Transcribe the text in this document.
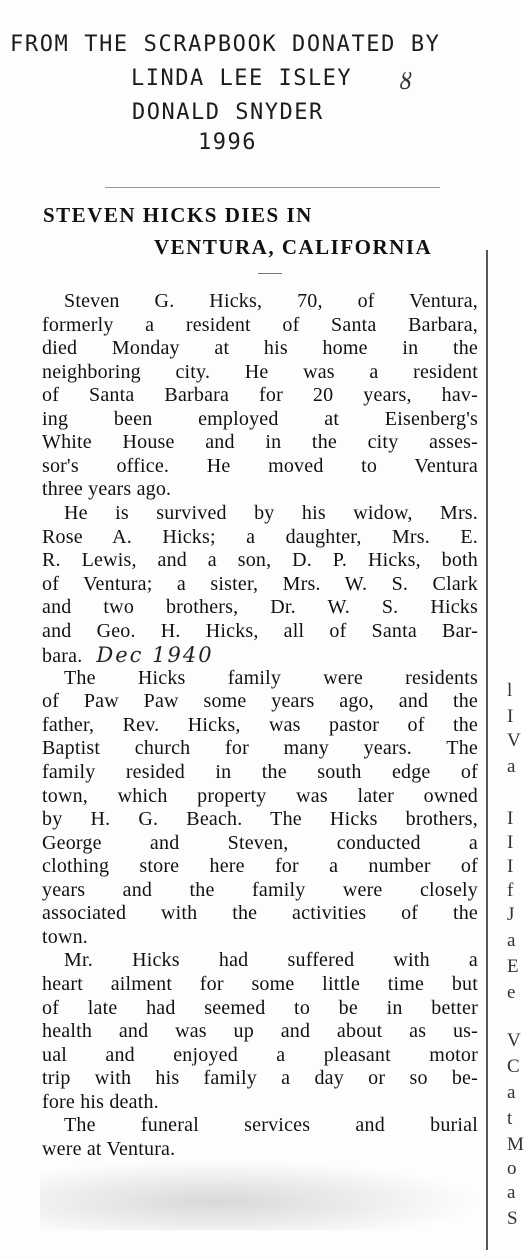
FROM THE SCRAPBOOK DONATED BY
LINDA LEE ISLEY ȣ
DONALD SNYDER
1996
STEVEN HICKS DIES IN
VENTURA, CALIFORNIA
Steven G. Hicks, 70, of Ventura,
formerly a resident of Santa Barbara,
died Monday at his home in the
neighboring city. He was a resident
of Santa Barbara for 20 years, hav-
ing been employed at Eisenberg's
White House and in the city asses-
sor's office. He moved to Ventura
three years ago.
He is survived by his widow, Mrs.
Rose A. Hicks; a daughter, Mrs. E.
R. Lewis, and a son, D. P. Hicks, both
of Ventura; a sister, Mrs. W. S. Clark
and two brothers, Dr. W. S. Hicks
and Geo. H. Hicks, all of Santa Bar-
bara. Dec 1940
The Hicks family were residents
of Paw Paw some years ago, and the
father, Rev. Hicks, was pastor of the
Baptist church for many years. The
family resided in the south edge of
town, which property was later owned
by H. G. Beach. The Hicks brothers,
George and Steven, conducted a
clothing store here for a number of
years and the family were closely
associated with the activities of the
town.
Mr. Hicks had suffered with a
heart ailment for some little time but
of late had seemed to be in better
health and was up and about as us-
ual and enjoyed a pleasant motor
trip with his family a day or so be-
fore his death.
The funeral services and burial
were at Ventura.
l
I
V
a
I
I
I
f
J
a
E
e
V
C
a
t
M
o
a
S
